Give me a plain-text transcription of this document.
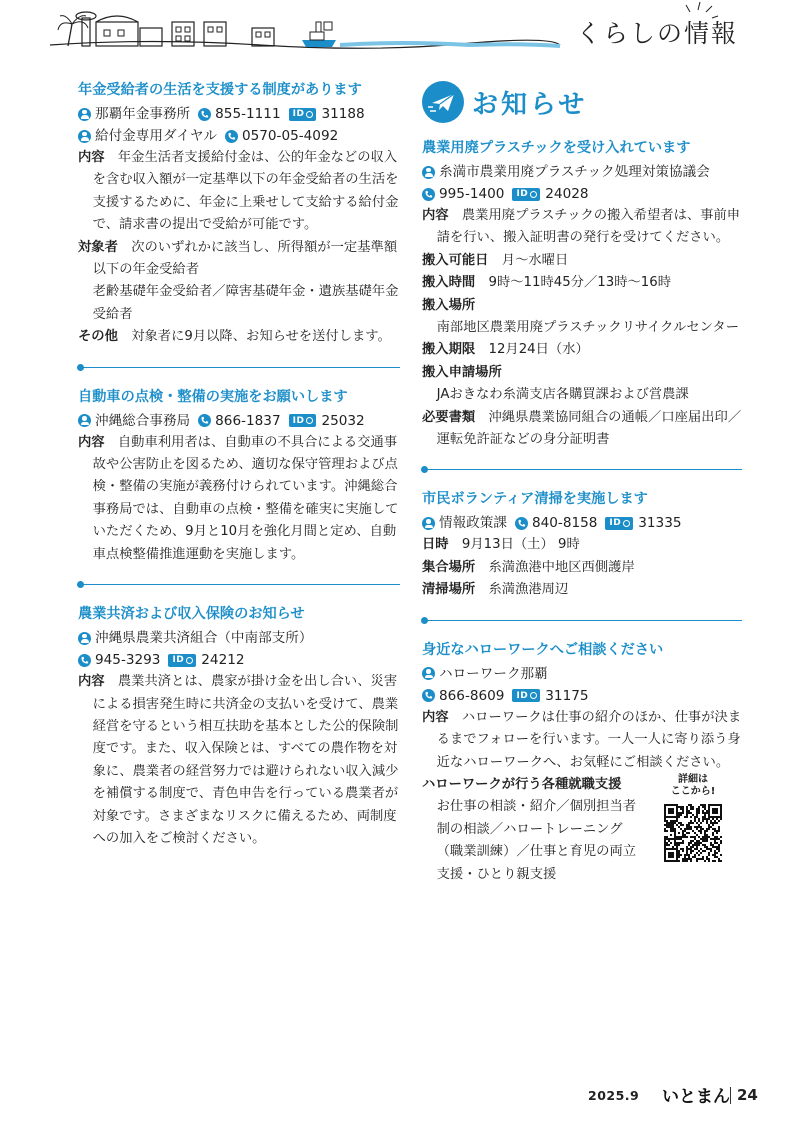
くらしの情報
年金受給者の生活を支援する制度があります
那覇年金事務所 855-1111	ID	31188
給付金専用ダイヤル 0570-05-4092

内容　 年金生活者支援給付金は、公的年金などの収入を含む収入額が一定基準以下の年金受給者の生活を支援するために、年金に上乗せして支給する給付金で、請求書の提出で受給が可能です。

対象者　 次のいずれかに該当し、所得額が一定基準額以下の年金受給者

老齢基礎年金受給者／障害基礎年金・遺族基礎年金受給者

その他　 対象者に9月以降、お知らせを送付します。

自動車の点検・整備の実施をお願いします
沖縄総合事務局 866-1837	ID	25032

内容　 自動車利用者は、自動車の不具合による交通事故や公害防止を図るため、適切な保守管理および点検・整備の実施が義務付けられています。沖縄総合事務局では、自動車の点検・整備を確実に実施していただくため、9月と10月を強化月間と定め、自動車点検整備推進運動を実施します。

農業共済および収入保険のお知らせ
沖縄県農業共済組合（中南部支所）
945-3293	ID	24212

内容　 農業共済とは、農家が掛け金を出し合い、災害による損害発生時に共済金の支払いを受けて、農業経営を守るという相互扶助を基本とした公的保険制度です。また、収入保険とは、すべての農作物を対象に、農業者の経営努力では避けられない収入減少を補償する制度で、青色申告を行っている農業者が対象です。さまざまなリスクに備えるため、両制度への加入をご検討ください。

お知らせ
農業用廃プラスチックを受け入れています
糸満市農業用廃プラスチック処理対策協議会
995-1400	ID	24028

内容　 農業用廃プラスチックの搬入希望者は、事前申請を行い、搬入証明書の発行を受けてください。

搬入可能日　 月～水曜日

搬入時間　 9時～11時45分／13時～16時

搬入場所

南部地区農業用廃プラスチックリサイクルセンター

搬入期限　 12月24日（水）

搬入申請場所

JAおきなわ糸満支店各購買課および営農課

必要書類　 沖縄県農業協同組合の通帳／口座届出印／運転免許証などの身分証明書

市民ボランティア清掃を実施します
情報政策課 840-8158	ID	31335

日時　 9月13日（土） 9時

集合場所　 糸満漁港中地区西側護岸

清掃場所　 糸満漁港周辺

身近なハローワークへご相談ください
ハローワーク那覇
866-8609	ID	31175

内容　 ハローワークは仕事の紹介のほか、仕事が決まるまでフォローを行います。一人一人に寄り添う身近なハローワークへ、お気軽にご相談ください。

ハローワークが行う各種就職支援

お仕事の相談・紹介／個別担当者制の相談／ハロートレーニング（職業訓練）／仕事と育児の両立支援・ひとり親支援

詳細は
ここから!
2025.9 いとまん 24
